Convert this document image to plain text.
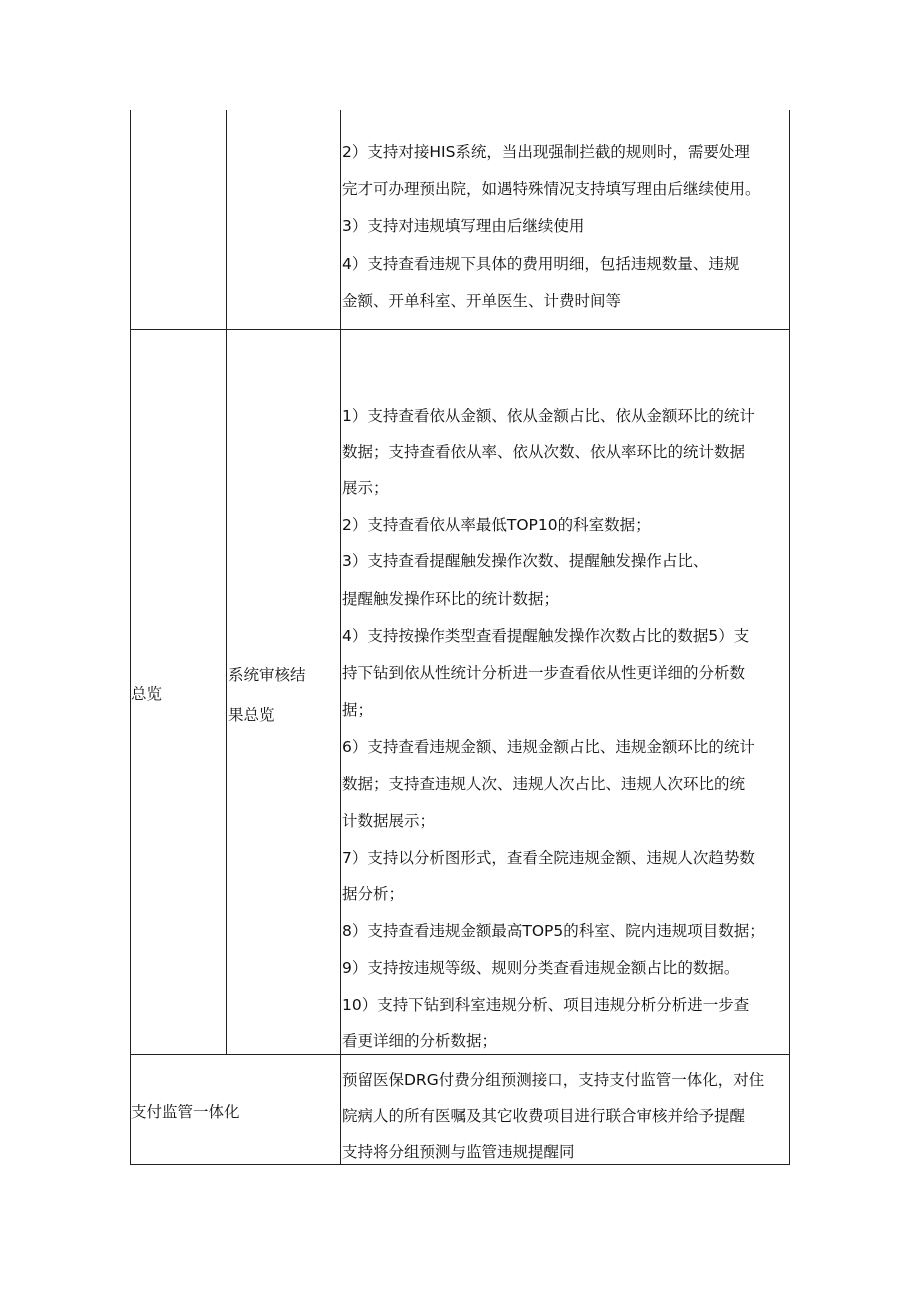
2）支持对接HIS系统，当出现强制拦截的规则时，需要处理
完才可办理预出院，如遇特殊情况支持填写理由后继续使用。
3）支持对违规填写理由后继续使用
4）支持查看违规下具体的费用明细，包括违规数量、违规
金额、开单科室、开单医生、计费时间等
总览
系统审核结
果总览
1）支持查看依从金额、依从金额占比、依从金额环比的统计
数据；支持查看依从率、依从次数、依从率环比的统计数据
展示；
2）支持查看依从率最低TOP10的科室数据；
3）支持查看提醒触发操作次数、提醒触发操作占比、
提醒触发操作环比的统计数据；
4）支持按操作类型查看提醒触发操作次数占比的数据5）支
持下钻到依从性统计分析进一步查看依从性更详细的分析数
据；
6）支持查看违规金额、违规金额占比、违规金额环比的统计
数据；支持查违规人次、违规人次占比、违规人次环比的统
计数据展示；
7）支持以分析图形式，查看全院违规金额、违规人次趋势数
据分析；
8）支持查看违规金额最高TOP5的科室、院内违规项目数据；
9）支持按违规等级、规则分类查看违规金额占比的数据。
10）支持下钻到科室违规分析、项目违规分析分析进一步查
看更详细的分析数据；
支付监管一体化
预留医保DRG付费分组预测接口，支持支付监管一体化，对住
院病人的所有医嘱及其它收费项目进行联合审核并给予提醒
支持将分组预测与监管违规提醒同
